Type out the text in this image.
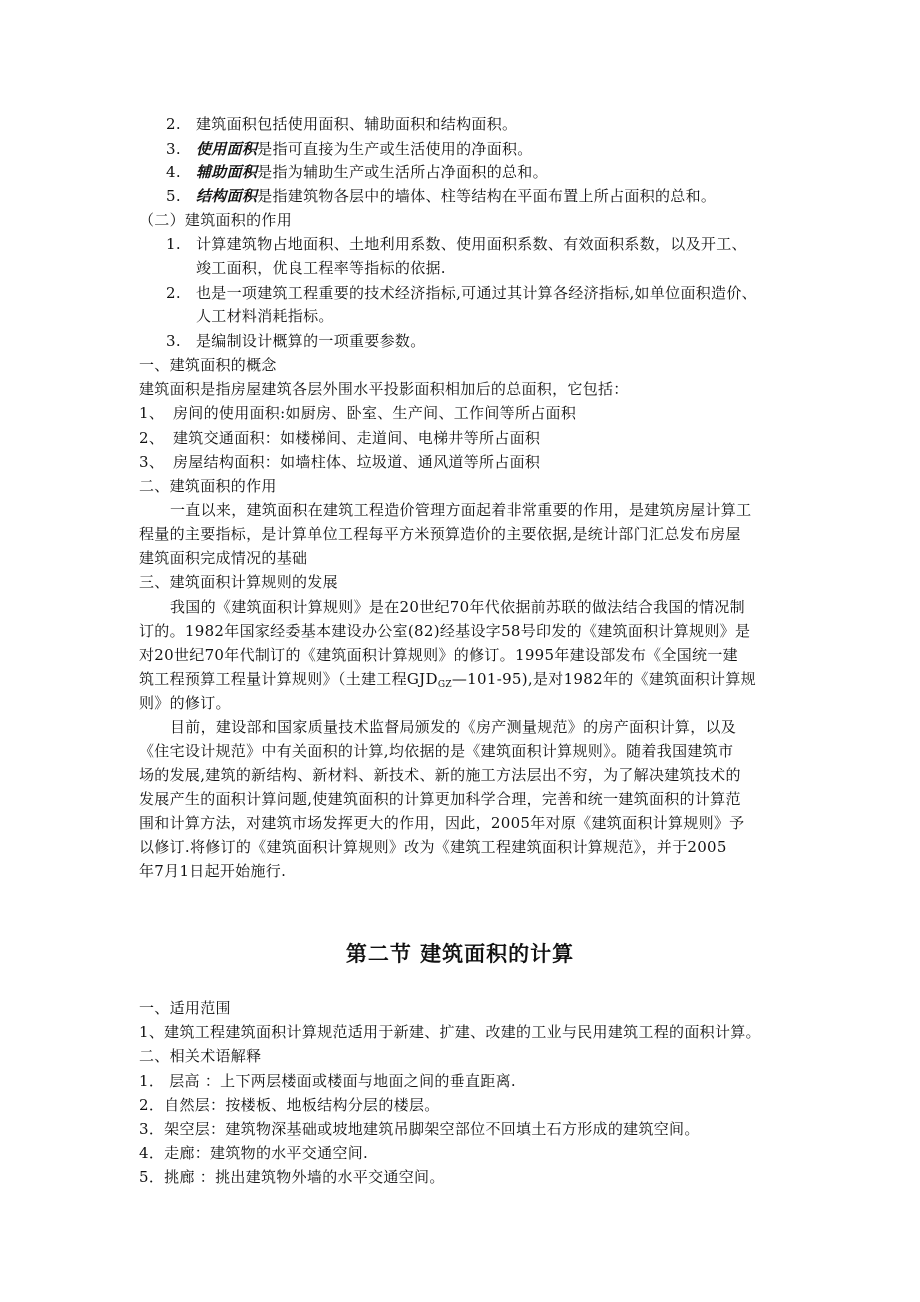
2. 建筑面积包括使用面积、辅助面积和结构面积。
3. 使用面积是指可直接为生产或生活使用的净面积。
4. 辅助面积是指为辅助生产或生活所占净面积的总和。
5. 结构面积是指建筑物各层中的墙体、柱等结构在平面布置上所占面积的总和。
（二）建筑面积的作用
1. 计算建筑物占地面积、土地利用系数、使用面积系数、有效面积系数，以及开工、
竣工面积，优良工程率等指标的依据.
2. 也是一项建筑工程重要的技术经济指标,可通过其计算各经济指标,如单位面积造价、
人工材料消耗指标。
3. 是编制设计概算的一项重要参数。
一、建筑面积的概念
建筑面积是指房屋建筑各层外围水平投影面积相加后的总面积，它包括：
1、 房间的使用面积:如厨房、卧室、生产间、工作间等所占面积
2、 建筑交通面积：如楼梯间、走道间、电梯井等所占面积
3、 房屋结构面积：如墙柱体、垃圾道、通风道等所占面积
二、建筑面积的作用
一直以来，建筑面积在建筑工程造价管理方面起着非常重要的作用，是建筑房屋计算工
程量的主要指标，是计算单位工程每平方米预算造价的主要依据,是统计部门汇总发布房屋
建筑面积完成情况的基础
三、建筑面积计算规则的发展
我国的《建筑面积计算规则》是在20世纪70年代依据前苏联的做法结合我国的情况制
订的。1982年国家经委基本建设办公室(82)经基设字58号印发的《建筑面积计算规则》是
对20世纪70年代制订的《建筑面积计算规则》的修订。1995年建设部发布《全国统一建
筑工程预算工程量计算规则》（土建工程$GJD_{GZ}—101-95$),是对1982年的《建筑面积计算规
则》的修订。
目前，建设部和国家质量技术监督局颁发的《房产测量规范》的房产面积计算，以及
《住宅设计规范》中有关面积的计算,均依据的是《建筑面积计算规则》。随着我国建筑市
场的发展,建筑的新结构、新材料、新技术、新的施工方法层出不穷，为了解决建筑技术的
发展产生的面积计算问题,使建筑面积的计算更加科学合理，完善和统一建筑面积的计算范
围和计算方法，对建筑市场发挥更大的作用，因此，2005年对原《建筑面积计算规则》予
以修订.将修订的《建筑面积计算规则》改为《建筑工程建筑面积计算规范》，并于2005
年7月1日起开始施行.
第二节 建筑面积的计算
一、适用范围
1、建筑工程建筑面积计算规范适用于新建、扩建、改建的工业与民用建筑工程的面积计算。
二、相关术语解释
1． 层高 ：上下两层楼面或楼面与地面之间的垂直距离.
2．自然层：按楼板、地板结构分层的楼层。
3．架空层：建筑物深基础或坡地建筑吊脚架空部位不回填土石方形成的建筑空间。
4．走廊：建筑物的水平交通空间.
5．挑廊 ：挑出建筑物外墙的水平交通空间。
